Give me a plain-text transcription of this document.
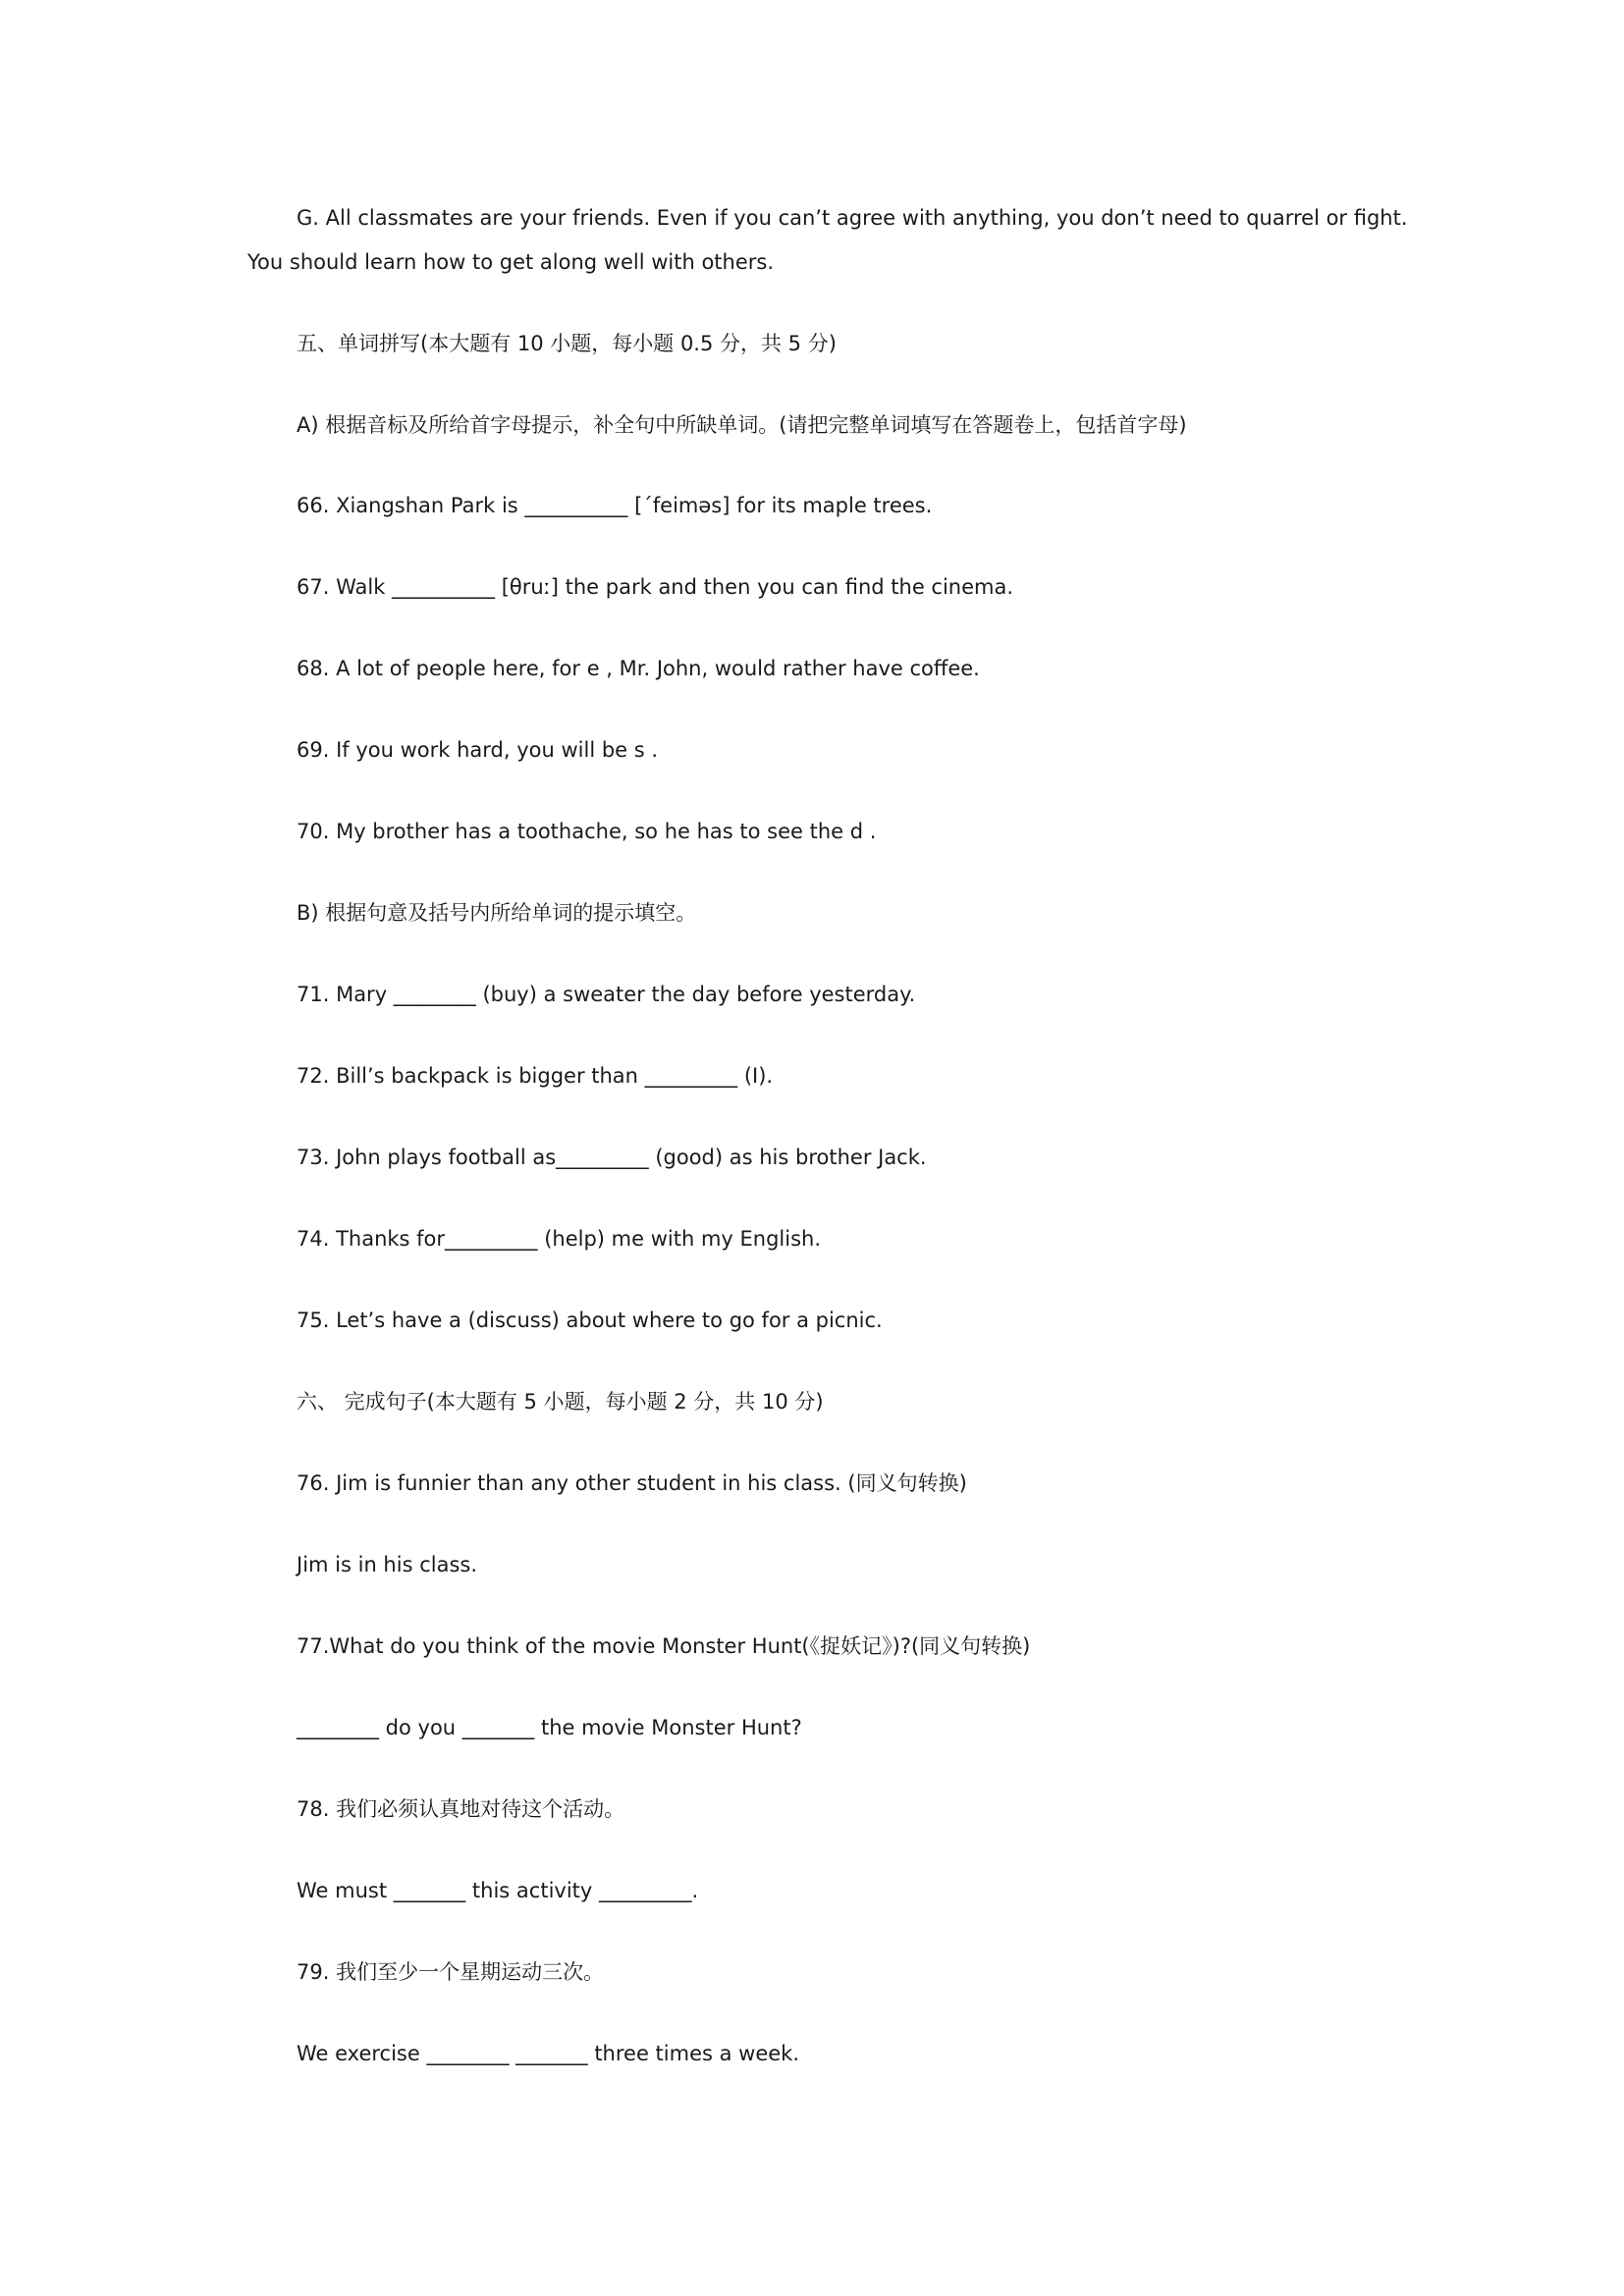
G. All classmates are your friends. Even if you can’t agree with anything, you don’t need to quarrel or fight.
You should learn how to get along well with others.
五、单词拼写(本大题有 10 小题，每小题 0.5 分，共 5 分)
A) 根据音标及所给首字母提示，补全句中所缺单词。(请把完整单词填写在答题卷上，包括首字母)
66. Xiangshan Park is __________ [ˊfeiməs] for its maple trees.
67. Walk __________ [θruː] the park and then you can find the cinema.
68. A lot of people here, for e , Mr. John, would rather have coffee.
69. If you work hard, you will be s .
70. My brother has a toothache, so he has to see the d .
B) 根据句意及括号内所给单词的提示填空。
71. Mary ________ (buy) a sweater the day before yesterday.
72. Bill’s backpack is bigger than _________ (I).
73. John plays football as_________ (good) as his brother Jack.
74. Thanks for_________ (help) me with my English.
75. Let’s have a (discuss) about where to go for a picnic.
六、 完成句子(本大题有 5 小题，每小题 2 分，共 10 分)
76. Jim is funnier than any other student in his class. (同义句转换)
Jim is in his class.
77.What do you think of the movie Monster Hunt(《捉妖记》)?(同义句转换)
________ do you _______ the movie Monster Hunt?
78. 我们必须认真地对待这个活动。
We must _______ this activity _________.
79. 我们至少一个星期运动三次。
We exercise ________ _______ three times a week.
